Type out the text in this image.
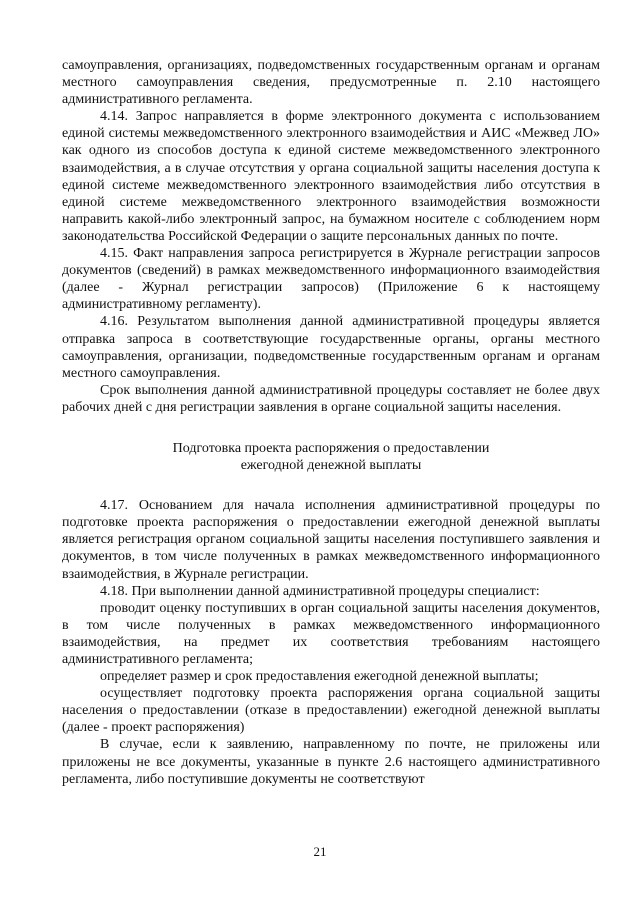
самоуправления, организациях, подведомственных государственным органам и органам местного самоуправления сведения, предусмотренные п. 2.10 настоящего административного регламента.

4.14. Запрос направляется в форме электронного документа с использованием единой системы межведомственного электронного взаимодействия и АИС «Межвед ЛО» как одного из способов доступа к единой системе межведомственного электронного взаимодействия, а в случае отсутствия у органа социальной защиты населения доступа к единой системе межведомственного электронного взаимодействия либо отсутствия в единой системе межведомственного электронного взаимодействия возможности направить какой-либо электронный запрос, на бумажном носителе с соблюдением норм законодательства Российской Федерации о защите персональных данных по почте.

4.15. Факт направления запроса регистрируется в Журнале регистрации запросов документов (сведений) в рамках межведомственного информационного взаимодействия (далее - Журнал регистрации запросов) (Приложение 6 к настоящему административному регламенту).

4.16. Результатом выполнения данной административной процедуры является отправка запроса в соответствующие государственные органы, органы местного самоуправления, организации, подведомственные государственным органам и органам местного самоуправления.

Срок выполнения данной административной процедуры составляет не более двух рабочих дней с дня регистрации заявления в органе социальной защиты населения.

Подготовка проекта распоряжения о предоставлении

ежегодной денежной выплаты

4.17. Основанием для начала исполнения административной процедуры по подготовке проекта распоряжения о предоставлении ежегодной денежной выплаты является регистрация органом социальной защиты населения поступившего заявления и документов, в том числе полученных в рамках межведомственного информационного взаимодействия, в Журнале регистрации.

4.18. При выполнении данной административной процедуры специалист:

проводит оценку поступивших в орган социальной защиты населения документов, в том числе полученных в рамках межведомственного информационного взаимодействия, на предмет их соответствия требованиям настоящего административного регламента;

определяет размер и срок предоставления ежегодной денежной выплаты;

осуществляет подготовку проекта распоряжения органа социальной защиты населения о предоставлении (отказе в предоставлении) ежегодной денежной выплаты (далее - проект распоряжения)

В случае, если к заявлению, направленному по почте, не приложены или приложены не все документы, указанные в пункте 2.6 настоящего административного регламента, либо поступившие документы не соответствуют

21
